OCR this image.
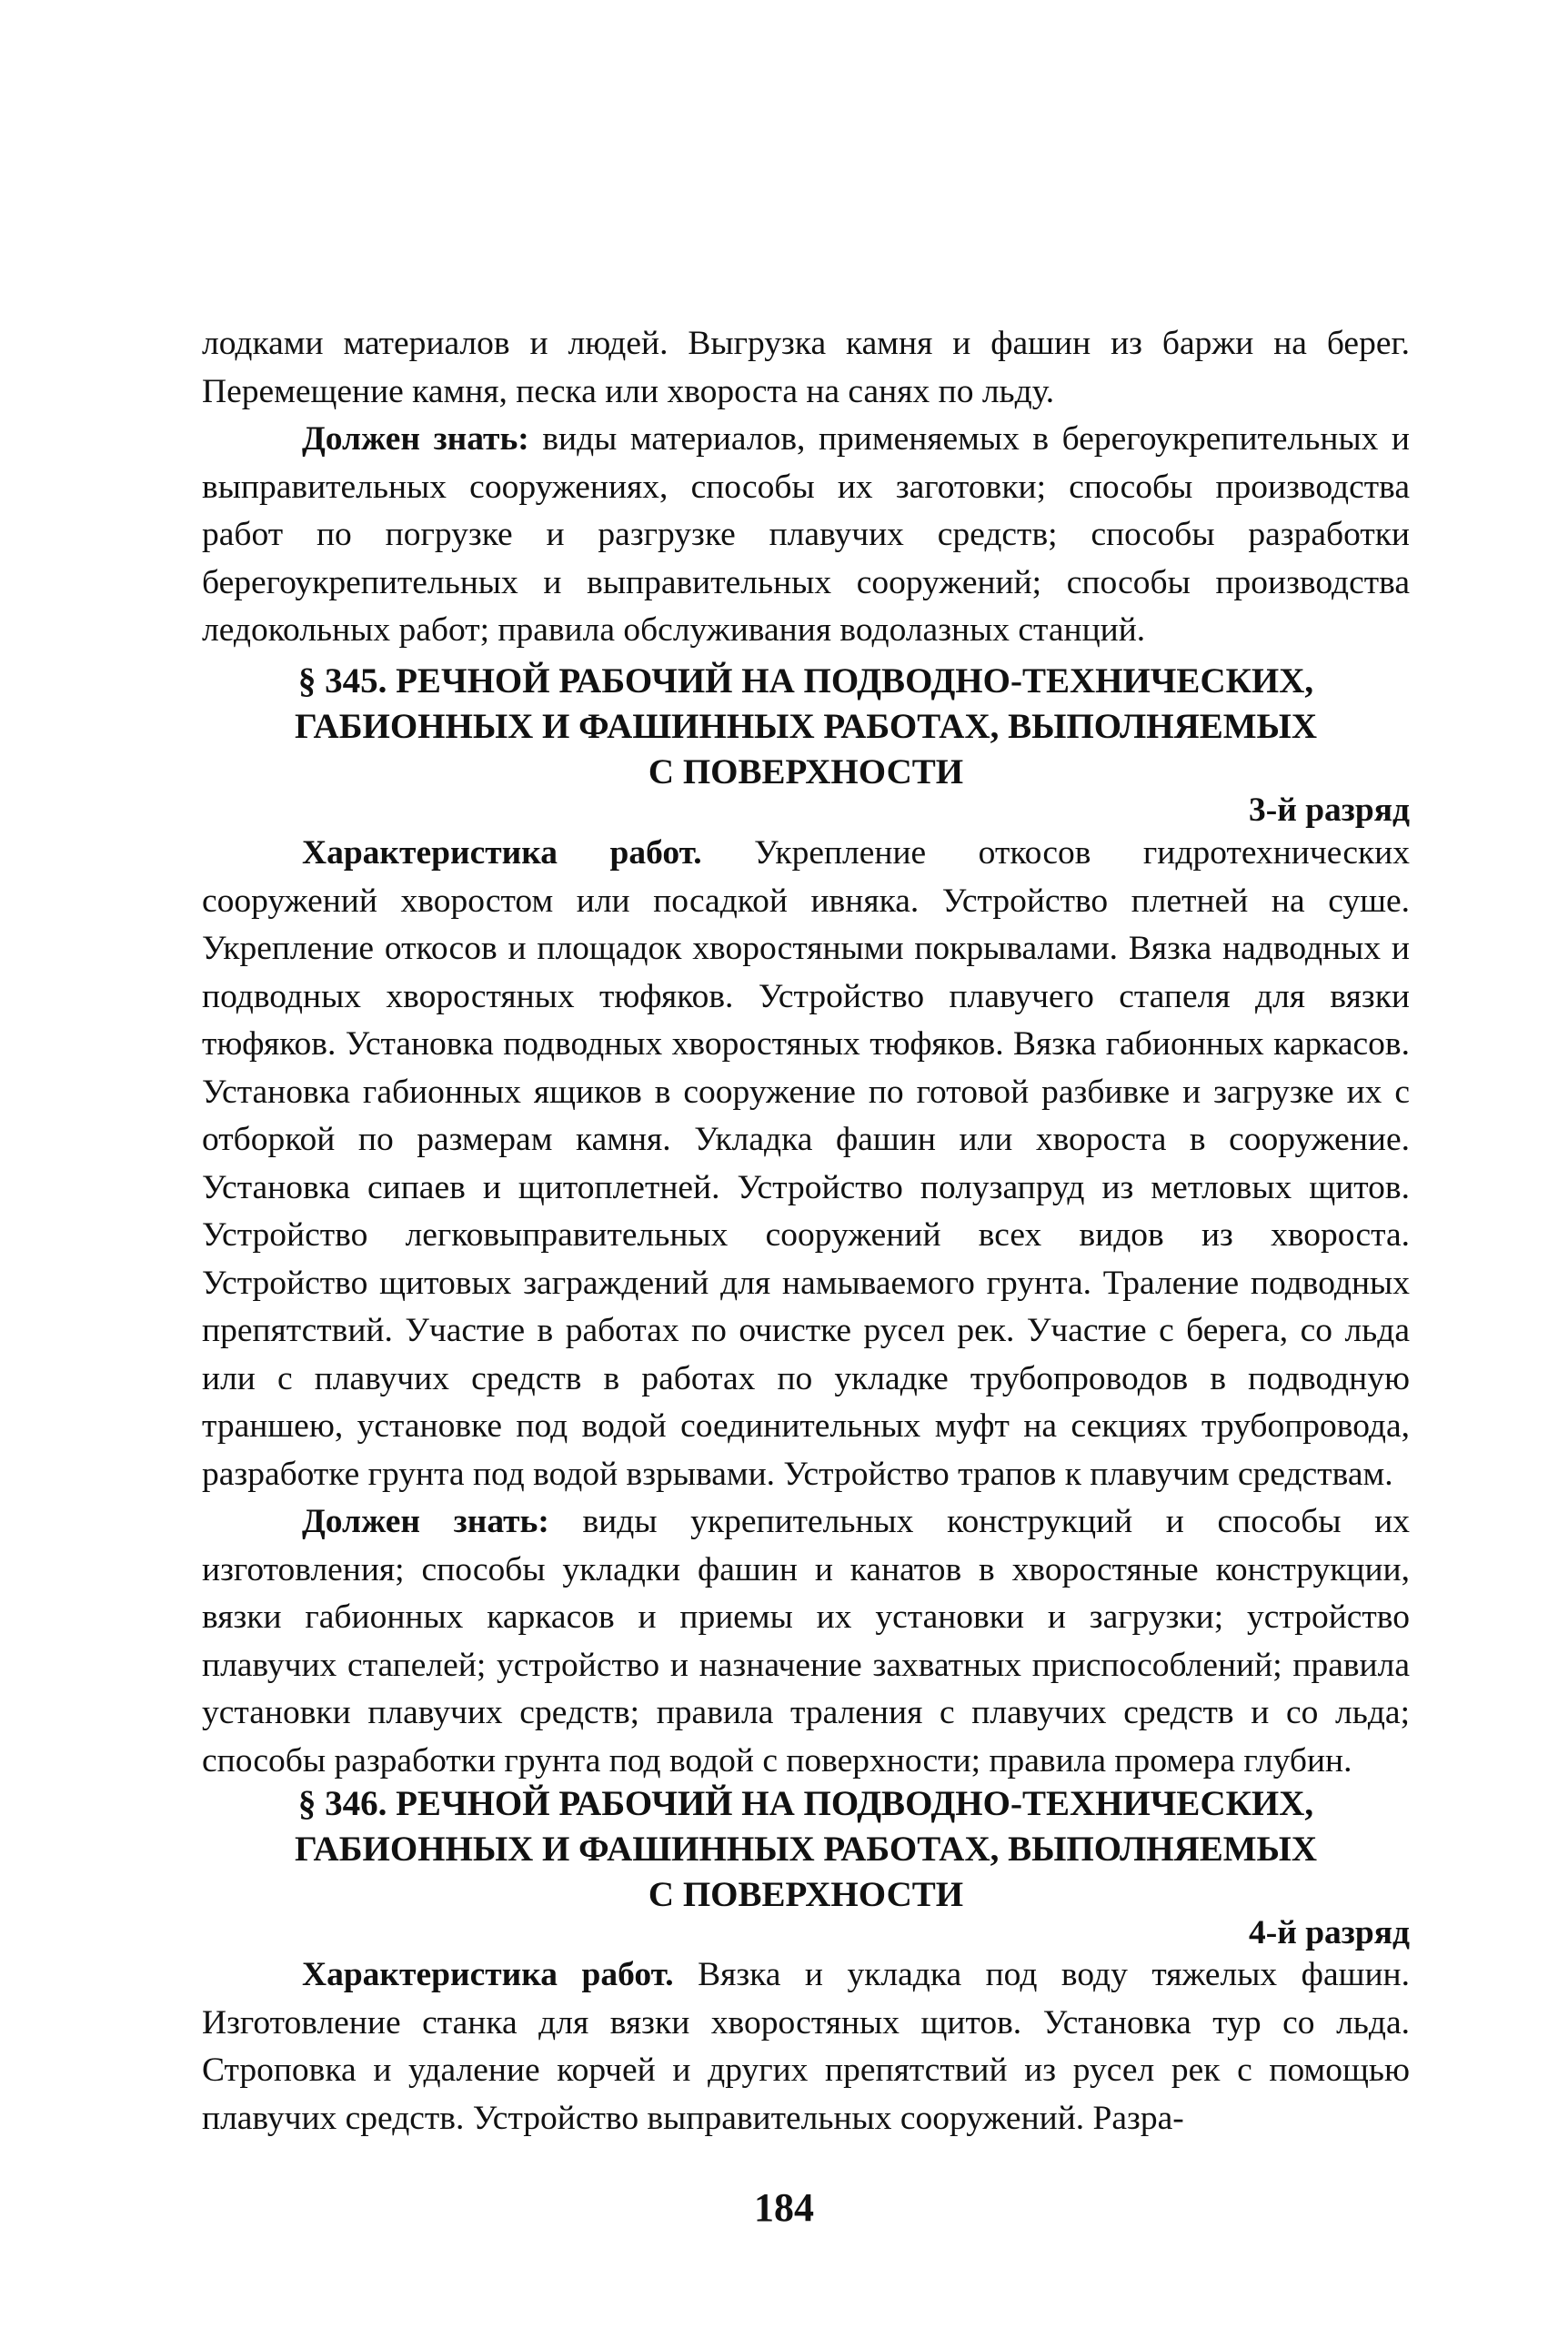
лодками материалов и людей. Выгрузка камня и фашин из баржи на берег. Перемещение камня, песка или хвороста на санях по льду.

Должен знать: виды материалов, применяемых в берегоукрепительных и выправительных сооружениях, способы их заготовки; способы производства работ по погрузке и разгрузке плавучих средств; способы разработки берегоукрепительных и выправительных сооружений; способы производства ледокольных работ; правила обслуживания водолазных станций.

§ 345. РЕЧНОЙ РАБОЧИЙ НА ПОДВОДНО-ТЕХНИЧЕСКИХ,
ГАБИОННЫХ И ФАШИННЫХ РАБОТАХ, ВЫПОЛНЯЕМЫХ
С ПОВЕРХНОСТИ
3-й разряд

Характеристика работ. Укрепление откосов гидротехнических сооружений хворостом или посадкой ивняка. Устройство плетней на суше. Укрепление откосов и площадок хворостяными покрывалами. Вязка надводных и подводных хворостяных тюфяков. Устройство плавучего стапеля для вязки тюфяков. Установка подводных хворостяных тюфяков. Вязка габионных каркасов. Установка габионных ящиков в сооружение по готовой разбивке и загрузке их с отборкой по размерам камня. Укладка фашин или хвороста в сооружение. Установка сипаев и щитоплетней. Устройство полузапруд из метловых щитов. Устройство легковыправительных сооружений всех видов из хвороста. Устройство щитовых заграждений для намываемого грунта. Траление подводных препятствий. Участие в работах по очистке русел рек. Участие с берега, со льда или с плавучих средств в работах по укладке трубопроводов в подводную траншею, установке под водой соединительных муфт на секциях трубопровода, разработке грунта под водой взрывами. Устройство трапов к плавучим средствам.

Должен знать: виды укрепительных конструкций и способы их изготовления; способы укладки фашин и канатов в хворостяные конструкции, вязки габионных каркасов и приемы их установки и загрузки; устройство плавучих стапелей; устройство и назначение захватных приспособлений; правила установки плавучих средств; правила траления с плавучих средств и со льда; способы разработки грунта под водой с поверхности; правила промера глубин.

§ 346. РЕЧНОЙ РАБОЧИЙ НА ПОДВОДНО-ТЕХНИЧЕСКИХ,
ГАБИОННЫХ И ФАШИННЫХ РАБОТАХ, ВЫПОЛНЯЕМЫХ
С ПОВЕРХНОСТИ
4-й разряд

Характеристика работ. Вязка и укладка под воду тяжелых фашин. Изготовление станка для вязки хворостяных щитов. Установка тур со льда. Строповка и удаление корчей и других препятствий из русел рек с помощью плавучих средств. Устройство выправительных сооружений. Разра-

184
